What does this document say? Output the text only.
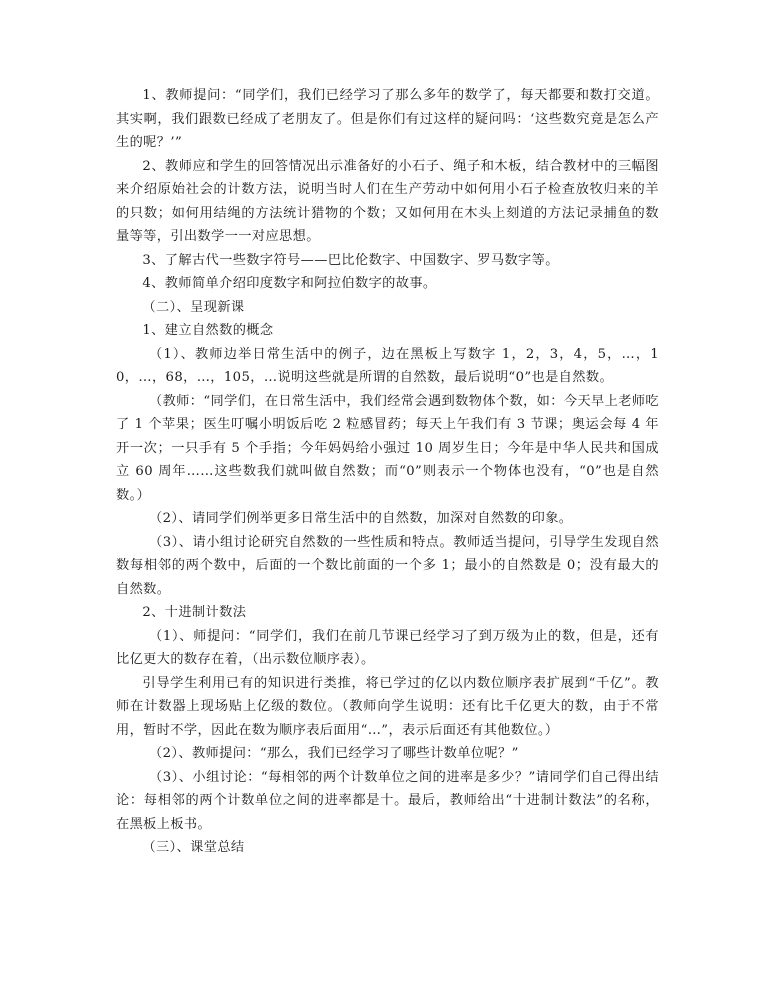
1、教师提问：“同学们，我们已经学习了那么多年的数学了，每天都要和数打交道。其实啊，我们跟数已经成了老朋友了。但是你们有过这样的疑问吗：‘这些数究竟是怎么产生的呢？’”

2、教师应和学生的回答情况出示准备好的小石子、绳子和木板，结合教材中的三幅图来介绍原始社会的计数方法，说明当时人们在生产劳动中如何用小石子检查放牧归来的羊的只数；如何用结绳的方法统计猎物的个数；又如何用在木头上刻道的方法记录捕鱼的数量等等，引出数学一一对应思想。

3、了解古代一些数字符号——巴比伦数字、中国数字、罗马数字等。

4、教师简单介绍印度数字和阿拉伯数字的故事。

（二）、呈现新课

1、建立自然数的概念

（1）、教师边举日常生活中的例子，边在黑板上写数字 1，2，3，4，5，…，10，…，68，…，105，…说明这些就是所谓的自然数，最后说明“0”也是自然数。

（教师：“同学们，在日常生活中，我们经常会遇到数物体个数，如：今天早上老师吃了 1 个苹果；医生叮嘱小明饭后吃 2 粒感冒药；每天上午我们有 3 节课；奥运会每 4 年开一次；一只手有 5 个手指；今年妈妈给小强过 10 周岁生日；今年是中华人民共和国成立 60 周年……这些数我们就叫做自然数；而“0”则表示一个物体也没有，“0”也是自然数。）

（2）、请同学们例举更多日常生活中的自然数，加深对自然数的印象。

（3）、请小组讨论研究自然数的一些性质和特点。教师适当提问，引导学生发现自然数每相邻的两个数中，后面的一个数比前面的一个多 1；最小的自然数是 0；没有最大的自然数。

2、十进制计数法

（1）、师提问：“同学们，我们在前几节课已经学习了到万级为止的数，但是，还有比亿更大的数存在着，（出示数位顺序表）。

引导学生利用已有的知识进行类推，将已学过的亿以内数位顺序表扩展到“千亿”。教师在计数器上现场贴上亿级的数位。（教师向学生说明：还有比千亿更大的数，由于不常用，暂时不学，因此在数为顺序表后面用“…”，表示后面还有其他数位。）

（2）、教师提问：“那么，我们已经学习了哪些计数单位呢？”

（3）、小组讨论：“每相邻的两个计数单位之间的进率是多少？”请同学们自己得出结论：每相邻的两个计数单位之间的进率都是十。最后，教师给出“十进制计数法”的名称，在黑板上板书。

（三）、课堂总结
